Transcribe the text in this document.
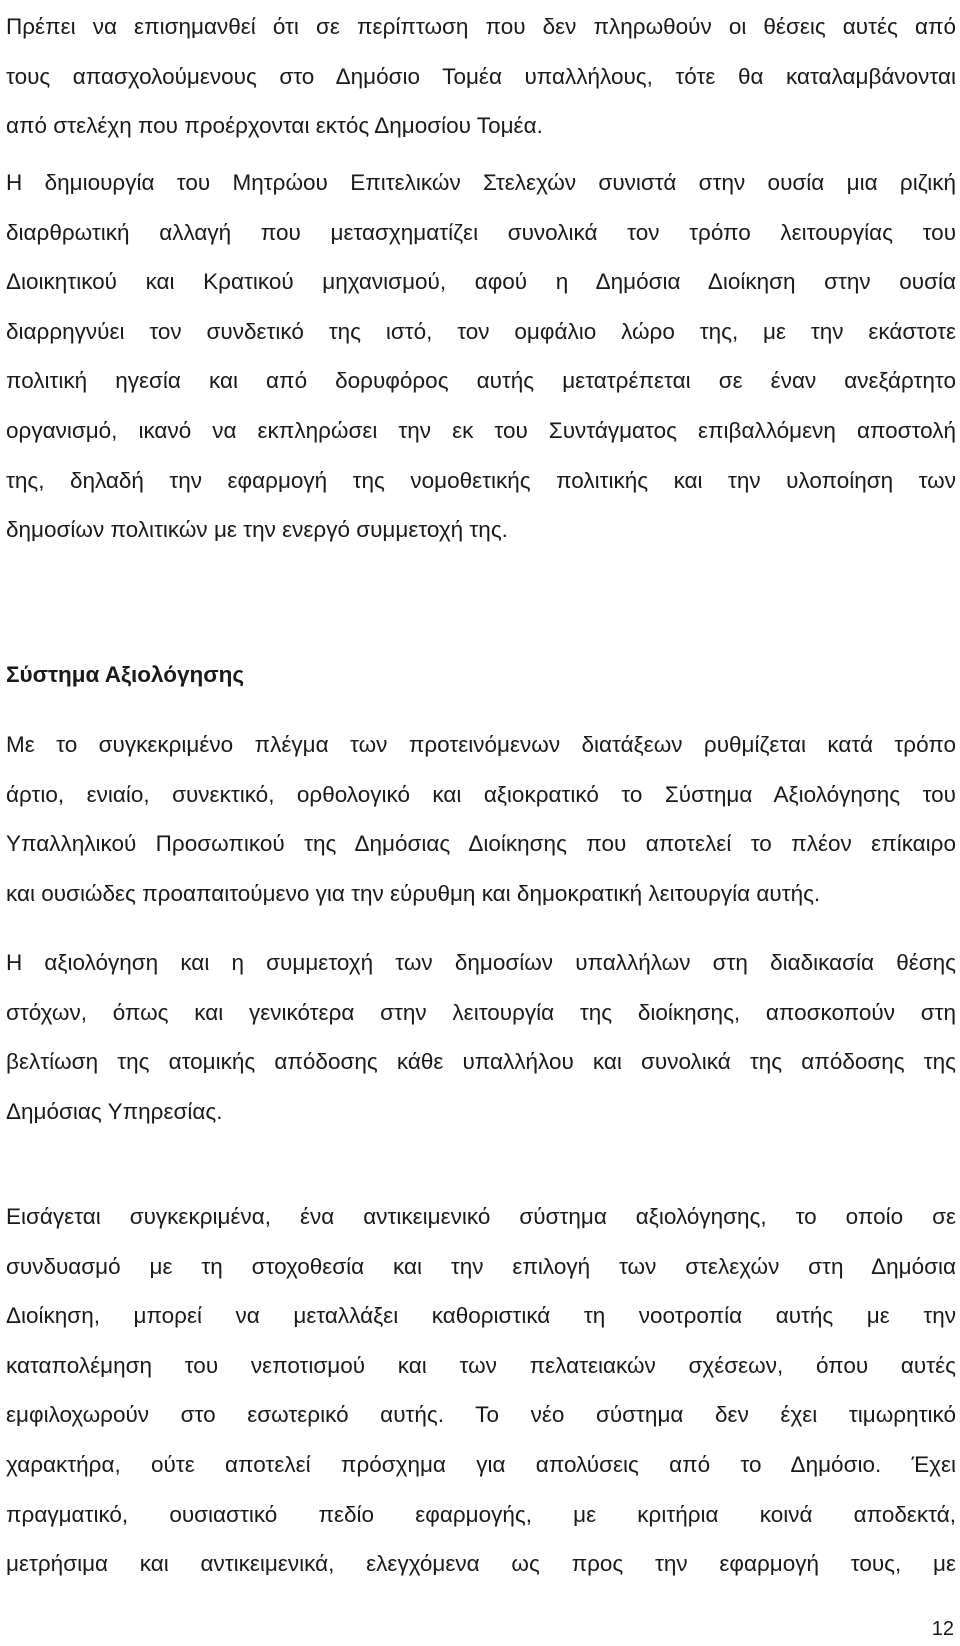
Πρέπει να επισημανθεί ότι σε περίπτωση που δεν πληρωθούν οι θέσεις αυτές από
τους απασχολούμενους στο Δημόσιο Τομέα υπαλλήλους, τότε θα καταλαμβάνονται
από στελέχη που προέρχονται εκτός Δημοσίου Τομέα.

Η δημιουργία του Μητρώου Επιτελικών Στελεχών συνιστά στην ουσία μια ριζική
διαρθρωτική αλλαγή που μετασχηματίζει συνολικά τον τρόπο λειτουργίας του
Διοικητικού και Κρατικού μηχανισμού, αφού η Δημόσια Διοίκηση στην ουσία
διαρρηγνύει τον συνδετικό της ιστό, τον ομφάλιο λώρο της, με την εκάστοτε
πολιτική ηγεσία και από δορυφόρος αυτής μετατρέπεται σε έναν ανεξάρτητο
οργανισμό, ικανό να εκπληρώσει την εκ του Συντάγματος επιβαλλόμενη αποστολή
της, δηλαδή την εφαρμογή της νομοθετικής πολιτικής και την υλοποίηση των
δημοσίων πολιτικών με την ενεργό συμμετοχή της.

Σύστημα Αξιολόγησης

Με το συγκεκριμένο πλέγμα των προτεινόμενων διατάξεων ρυθμίζεται κατά τρόπο
άρτιο, ενιαίο, συνεκτικό, ορθολογικό και αξιοκρατικό το Σύστημα Αξιολόγησης του
Υπαλληλικού Προσωπικού της Δημόσιας Διοίκησης που αποτελεί το πλέον επίκαιρο
και ουσιώδες προαπαιτούμενο για την εύρυθμη και δημοκρατική λειτουργία αυτής.

Η αξιολόγηση και η συμμετοχή των δημοσίων υπαλλήλων στη διαδικασία θέσης
στόχων, όπως και γενικότερα στην λειτουργία της διοίκησης, αποσκοπούν στη
βελτίωση της ατομικής απόδοσης κάθε υπαλλήλου και συνολικά της απόδοσης της
Δημόσιας Υπηρεσίας.

Εισάγεται συγκεκριμένα, ένα αντικειμενικό σύστημα αξιολόγησης, το οποίο σε
συνδυασμό με τη στοχοθεσία και την επιλογή των στελεχών στη Δημόσια
Διοίκηση, μπορεί να μεταλλάξει καθοριστικά τη νοοτροπία αυτής με την
καταπολέμηση του νεποτισμού και των πελατειακών σχέσεων, όπου αυτές
εμφιλοχωρούν στο εσωτερικό αυτής. Το νέο σύστημα δεν έχει τιμωρητικό
χαρακτήρα, ούτε αποτελεί πρόσχημα για απολύσεις από το Δημόσιο. Έχει
πραγματικό, ουσιαστικό πεδίο εφαρμογής, με κριτήρια κοινά αποδεκτά,
μετρήσιμα και αντικειμενικά, ελεγχόμενα ως προς την εφαρμογή τους, με

12
